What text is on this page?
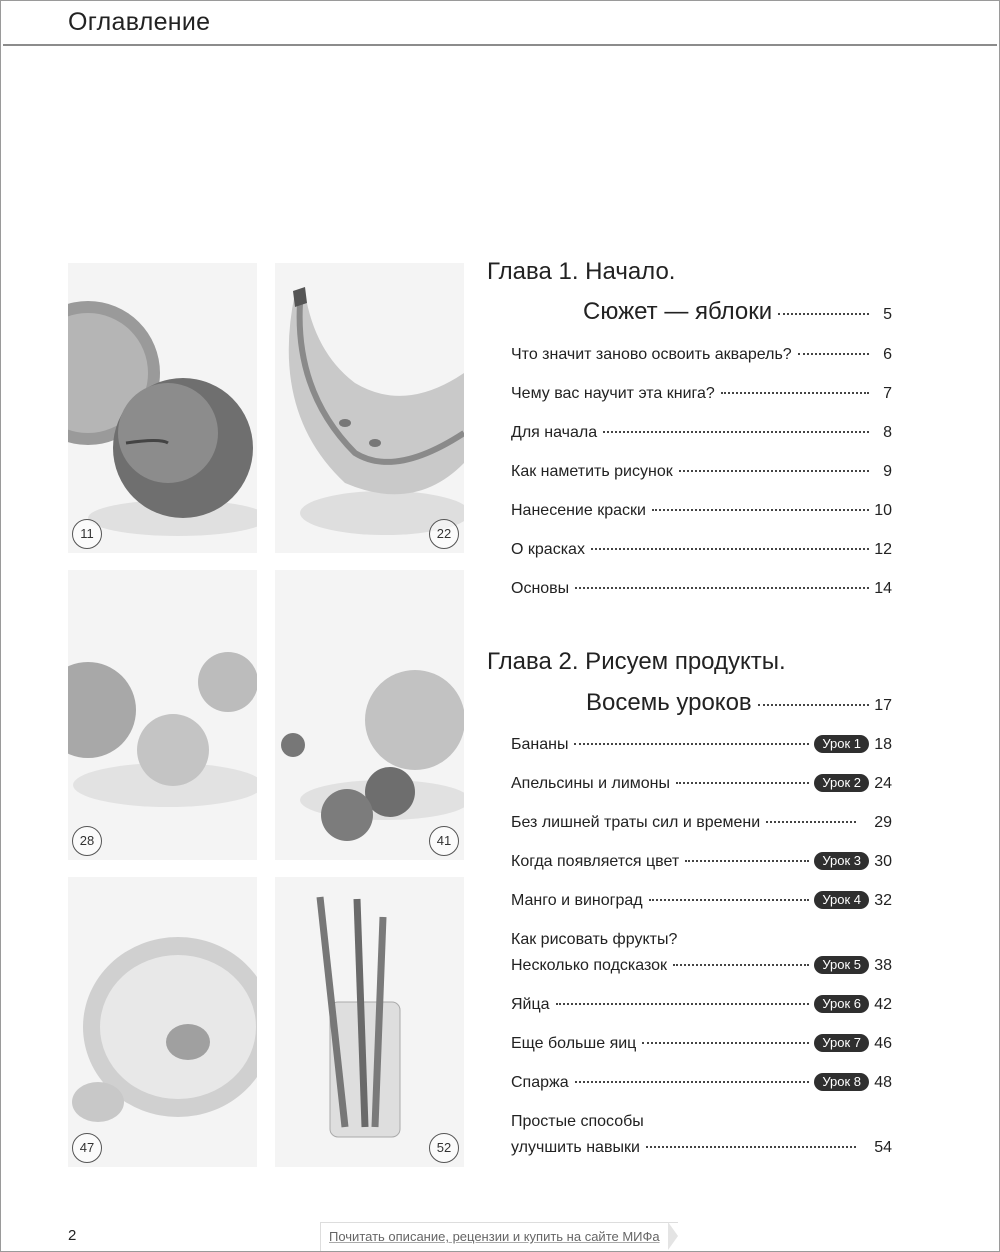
Оглавление
11	22
28	41
47	52
Глава 1. Начало.
Сюжет — яблоки	5
Что значит заново освоить акварель?	6
Чему вас научит эта книга?	7
Для начала	8
Как наметить рисунок	9
Нанесение краски	10
О красках	12
Основы	14
Глава 2. Рисуем продукты.
Восемь уроков	17
Бананы	Урок 1 18
Апельсины и лимоны	Урок 2 24
Без лишней траты сил и времени	29
Когда появляется цвет	Урок 3 30
Манго и виноград	Урок 4 32
Как рисовать фрукты?
Несколько подсказок	Урок 5 38
Яйца	Урок 6 42
Еще больше яиц	Урок 7 46
Спаржа	Урок 8 48
Простые способы
улучшить навыки	54
2	Почитать описание, рецензии и купить на сайте МИФа
